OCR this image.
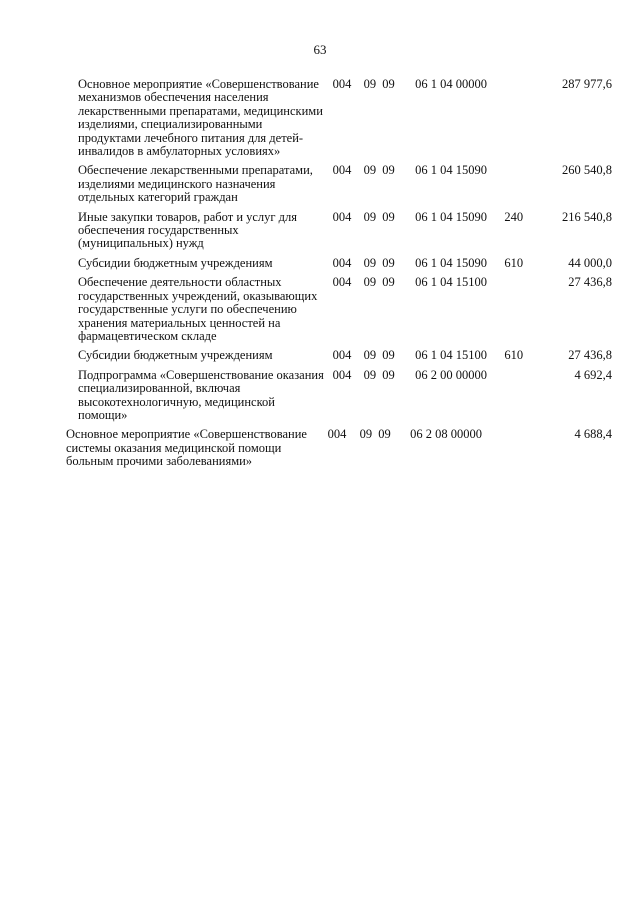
63
Основное мероприятие «Совершенствование механизмов обеспечения населения лекарственными препаратами, медицинскими изделиями, специализированными продуктами лечебного питания для детей-инвалидов в амбулаторных условиях»	004	09	09	06 1 04 00000		287 977,6

Обеспечение лекарственными препаратами, изделиями медицинского назначения отдельных категорий граждан	004	09	09	06 1 04 15090		260 540,8

Иные закупки товаров, работ и услуг для обеспечения государственных (муниципальных) нужд	004	09	09	06 1 04 15090	240	216 540,8

Субсидии бюджетным учреждениям	004	09	09	06 1 04 15090	610	44 000,0

Обеспечение деятельности областных государственных учреждений, оказывающих государственные услуги по обеспечению хранения материальных ценностей на фармацевтическом складе	004	09	09	06 1 04 15100		27 436,8

Субсидии бюджетным учреждениям	004	09	09	06 1 04 15100	610	27 436,8

Подпрограмма «Совершенствование оказания специализированной, включая высокотехнологичную, медицинской помощи»	004	09	09	06 2 00 00000		4 692,4

Основное мероприятие «Совершенствование системы оказания медицинской помощи больным прочими заболеваниями»	004	09	09	06 2 08 00000		4 688,4
